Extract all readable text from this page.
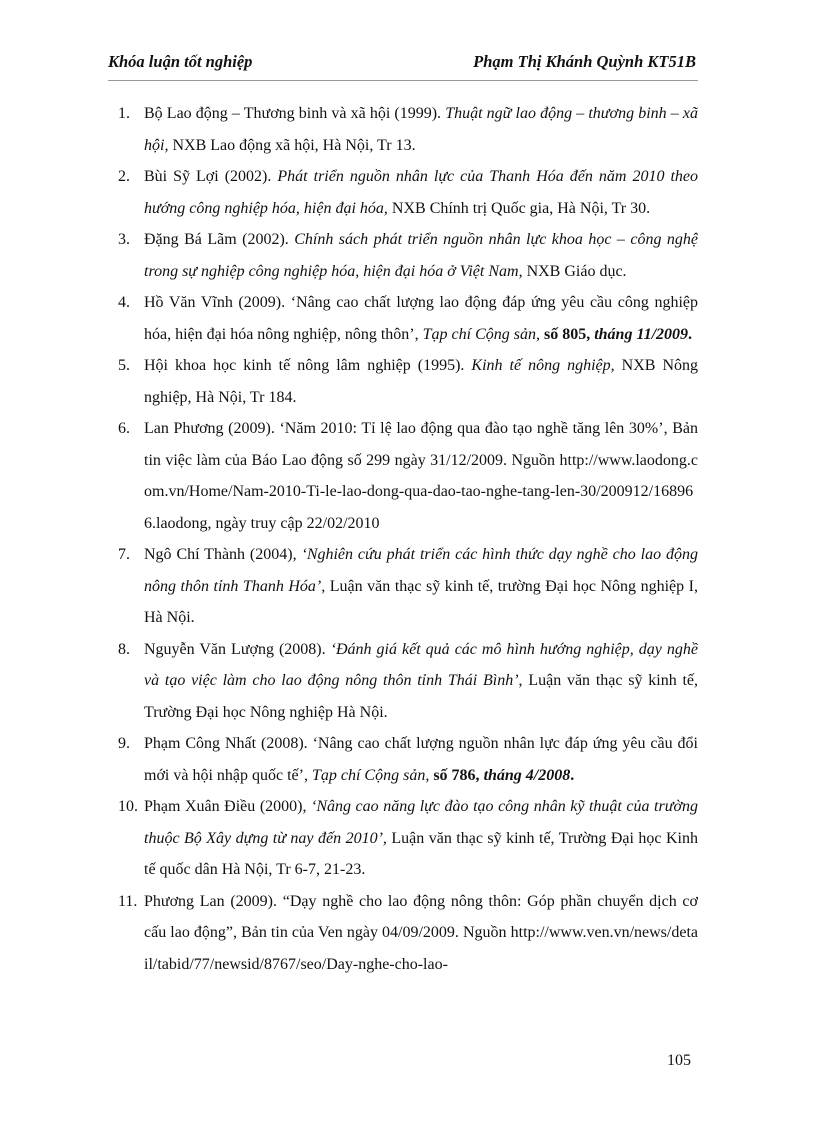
Khóa luận tốt nghiệp	Phạm Thị Khánh Quỳnh KT51B
1. Bộ Lao động – Thương binh và xã hội (1999). Thuật ngữ lao động – thương binh – xã hội, NXB Lao động xã hội, Hà Nội, Tr 13.
2. Bùi Sỹ Lợi (2002). Phát triển nguồn nhân lực của Thanh Hóa đến năm 2010 theo hướng công nghiệp hóa, hiện đại hóa, NXB Chính trị Quốc gia, Hà Nội, Tr 30.
3. Đặng Bá Lãm (2002). Chính sách phát triển nguồn nhân lực khoa học – công nghệ trong sự nghiệp công nghiệp hóa, hiện đại hóa ở Việt Nam, NXB Giáo dục.
4. Hồ Văn Vĩnh (2009). ‘Nâng cao chất lượng lao động đáp ứng yêu cầu công nghiệp hóa, hiện đại hóa nông nghiệp, nông thôn’, Tạp chí Cộng sản, số 805, tháng 11/2009.
5. Hội khoa học kinh tế nông lâm nghiệp (1995). Kinh tế nông nghiệp, NXB Nông nghiệp, Hà Nội, Tr 184.
6. Lan Phương (2009). ‘Năm 2010: Tỉ lệ lao động qua đào tạo nghề tăng lên 30%’, Bản tin việc làm của Báo Lao động số 299 ngày 31/12/2009. Nguồn http://www.laodong.com.vn/Home/Nam-2010-Ti-le-lao-dong-qua-dao-tao-nghe-tang-len-30/200912/168966.laodong, ngày truy cập 22/02/2010
7. Ngô Chí Thành (2004), ‘Nghiên cứu phát triển các hình thức dạy nghề cho lao động nông thôn tỉnh Thanh Hóa’, Luận văn thạc sỹ kinh tế, trường Đại học Nông nghiệp I, Hà Nội.
8. Nguyễn Văn Lượng (2008). ‘Đánh giá kết quả các mô hình hướng nghiệp, dạy nghề và tạo việc làm cho lao động nông thôn tỉnh Thái Bình’, Luận văn thạc sỹ kinh tế, Trường Đại học Nông nghiệp Hà Nội.
9. Phạm Công Nhất (2008). ‘Nâng cao chất lượng nguồn nhân lực đáp ứng yêu cầu đổi mới và hội nhập quốc tế’, Tạp chí Cộng sản, số 786, tháng 4/2008.
10. Phạm Xuân Điều (2000), ‘Nâng cao năng lực đào tạo công nhân kỹ thuật của trường thuộc Bộ Xây dựng từ nay đến 2010’, Luận văn thạc sỹ kinh tế, Trường Đại học Kinh tế quốc dân Hà Nội, Tr 6-7, 21-23.
11. Phương Lan (2009). “Dạy nghề cho lao động nông thôn: Góp phần chuyển dịch cơ cấu lao động”, Bản tin của Ven ngày 04/09/2009. Nguồn http://www.ven.vn/news/detail/tabid/77/newsid/8767/seo/Day-nghe-cho-lao-
105
